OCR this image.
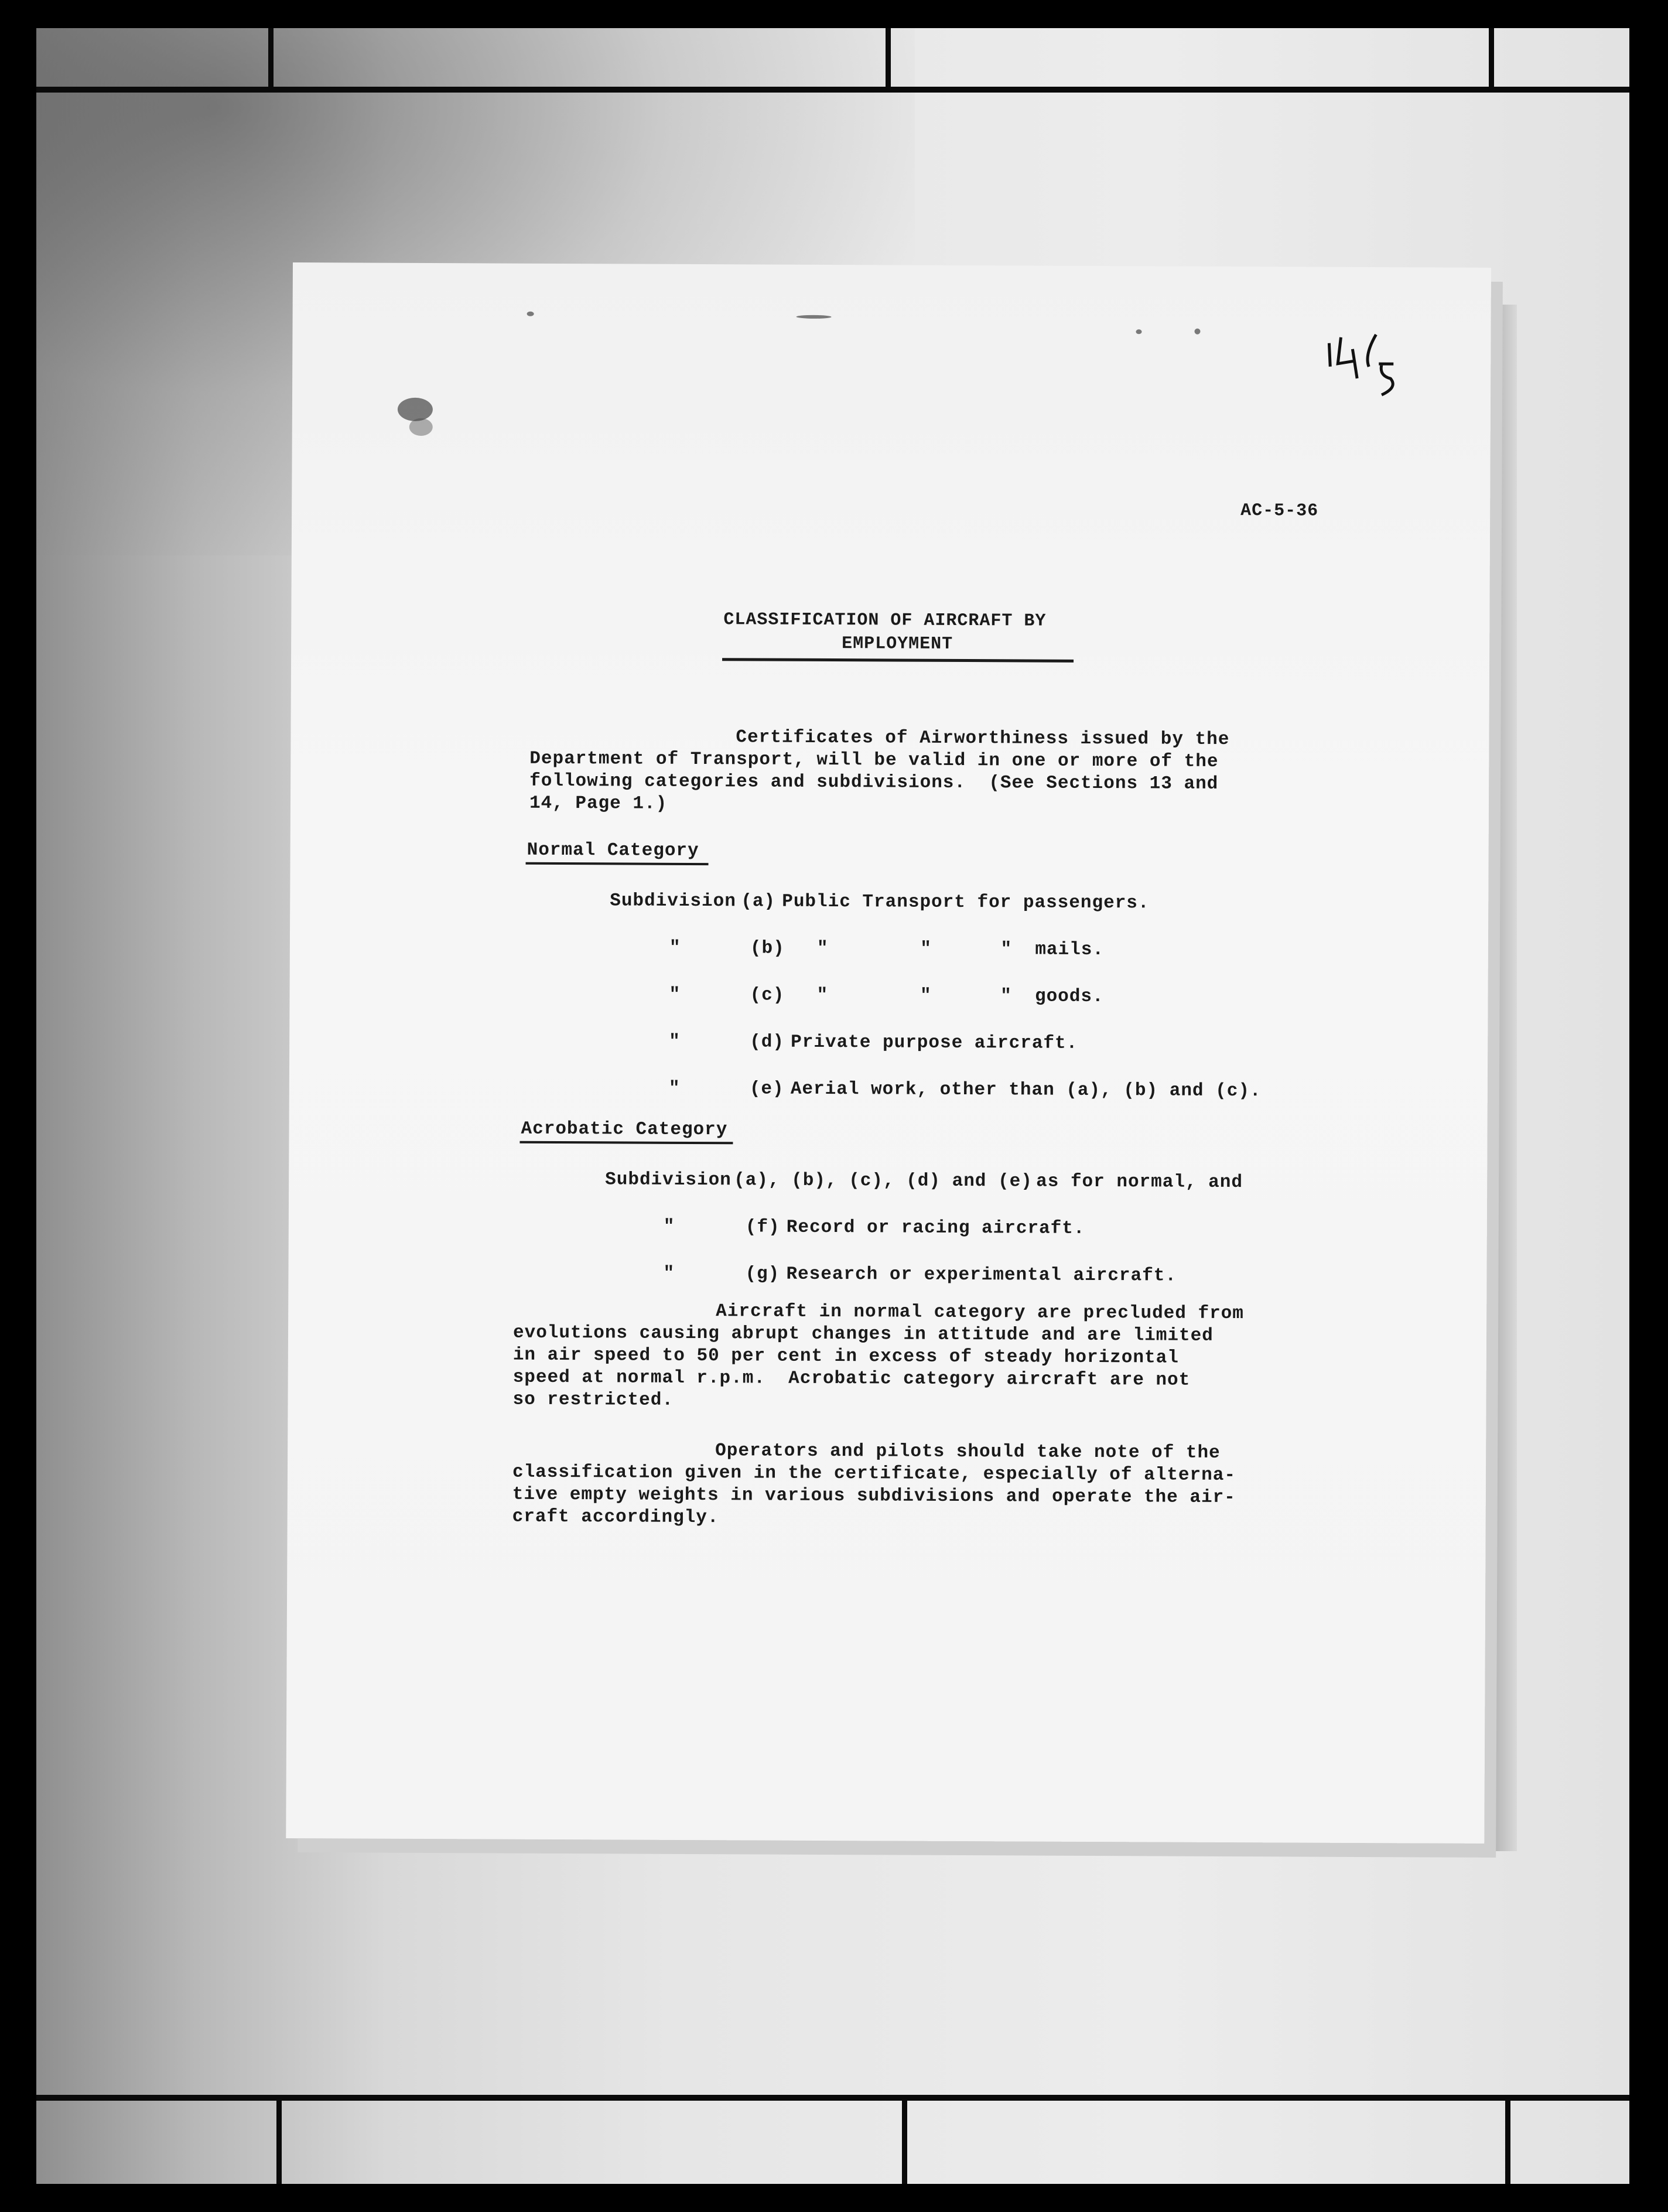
AC-5-36
CLASSIFICATION OF AIRCRAFT BY
EMPLOYMENT
Certificates of Airworthiness issued by the
Department of Transport, will be valid in one or more of the
following categories and subdivisions.  (See Sections 13 and
14, Page 1.)
Normal Category
Subdivision (a) Public Transport for passengers.
"	(b) "        "      "  mails.
"	(c) "        "      "  goods.
"	(d) Private purpose aircraft.
"	(e) Aerial work, other than (a), (b) and (c).
Acrobatic Category
Subdivision (a), (b), (c), (d) and (e) as for normal, and
"	(f) Record or racing aircraft.
"	(g) Research or experimental aircraft.
Aircraft in normal category are precluded from
evolutions causing abrupt changes in attitude and are limited
in air speed to 50 per cent in excess of steady horizontal
speed at normal r.p.m.  Acrobatic category aircraft are not
so restricted.
Operators and pilots should take note of the
classification given in the certificate, especially of alterna-
tive empty weights in various subdivisions and operate the air-
craft accordingly.
